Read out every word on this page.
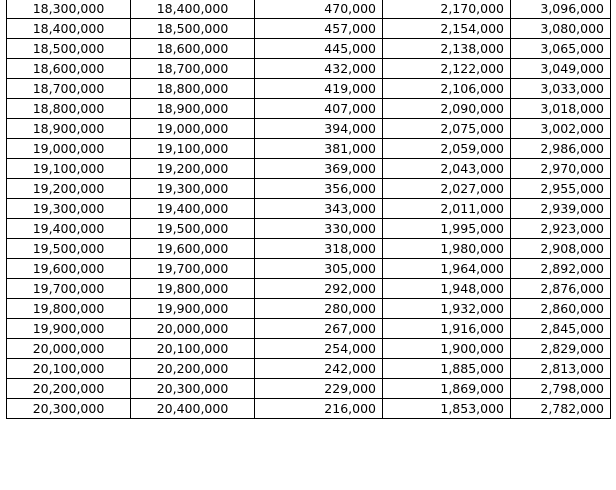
18,300,000	18,400,000	470,000	2,170,000	3,096,000
18,400,000	18,500,000	457,000	2,154,000	3,080,000
18,500,000	18,600,000	445,000	2,138,000	3,065,000
18,600,000	18,700,000	432,000	2,122,000	3,049,000
18,700,000	18,800,000	419,000	2,106,000	3,033,000
18,800,000	18,900,000	407,000	2,090,000	3,018,000
18,900,000	19,000,000	394,000	2,075,000	3,002,000
19,000,000	19,100,000	381,000	2,059,000	2,986,000
19,100,000	19,200,000	369,000	2,043,000	2,970,000
19,200,000	19,300,000	356,000	2,027,000	2,955,000
19,300,000	19,400,000	343,000	2,011,000	2,939,000
19,400,000	19,500,000	330,000	1,995,000	2,923,000
19,500,000	19,600,000	318,000	1,980,000	2,908,000
19,600,000	19,700,000	305,000	1,964,000	2,892,000
19,700,000	19,800,000	292,000	1,948,000	2,876,000
19,800,000	19,900,000	280,000	1,932,000	2,860,000
19,900,000	20,000,000	267,000	1,916,000	2,845,000
20,000,000	20,100,000	254,000	1,900,000	2,829,000
20,100,000	20,200,000	242,000	1,885,000	2,813,000
20,200,000	20,300,000	229,000	1,869,000	2,798,000
20,300,000	20,400,000	216,000	1,853,000	2,782,000
